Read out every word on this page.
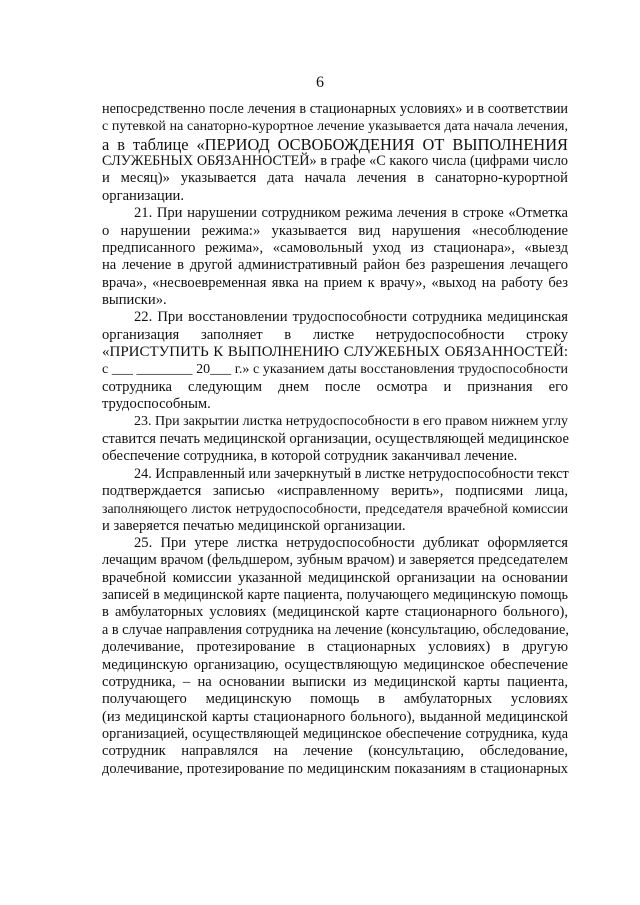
6
непосредственно после лечения в стационарных условиях» и в соответствии
с путевкой на санаторно-курортное лечение указывается дата начала лечения,
а в таблице «ПЕРИОД ОСВОБОЖДЕНИЯ ОТ ВЫПОЛНЕНИЯ
СЛУЖЕБНЫХ ОБЯЗАННОСТЕЙ» в графе «С какого числа (цифрами число
и месяц)» указывается дата начала лечения в санаторно-курортной
организации.
21. При нарушении сотрудником режима лечения в строке «Отметка
о нарушении режима:» указывается вид нарушения «несоблюдение
предписанного режима», «самовольный уход из стационара», «выезд
на лечение в другой административный район без разрешения лечащего
врача», «несвоевременная явка на прием к врачу», «выход на работу без
выписки».
22. При восстановлении трудоспособности сотрудника медицинская
организация заполняет в листке нетрудоспособности строку
«ПРИСТУПИТЬ К ВЫПОЛНЕНИЮ СЛУЖЕБНЫХ ОБЯЗАННОСТЕЙ:
с ___ ________ 20___ г.» с указанием даты восстановления трудоспособности
сотрудника следующим днем после осмотра и признания его
трудоспособным.
23. При закрытии листка нетрудоспособности в его правом нижнем углу
ставится печать медицинской организации, осуществляющей медицинское
обеспечение сотрудника, в которой сотрудник заканчивал лечение.
24. Исправленный или зачеркнутый в листке нетрудоспособности текст
подтверждается записью «исправленному верить», подписями лица,
заполняющего листок нетрудоспособности, председателя врачебной комиссии
и заверяется печатью медицинской организации.
25. При утере листка нетрудоспособности дубликат оформляется
лечащим врачом (фельдшером, зубным врачом) и заверяется председателем
врачебной комиссии указанной медицинской организации на основании
записей в медицинской карте пациента, получающего медицинскую помощь
в амбулаторных условиях (медицинской карте стационарного больного),
а в случае направления сотрудника на лечение (консультацию, обследование,
долечивание, протезирование в стационарных условиях) в другую
медицинскую организацию, осуществляющую медицинское обеспечение
сотрудника, – на основании выписки из медицинской карты пациента,
получающего медицинскую помощь в амбулаторных условиях
(из медицинской карты стационарного больного), выданной медицинской
организацией, осуществляющей медицинское обеспечение сотрудника, куда
сотрудник направлялся на лечение (консультацию, обследование,
долечивание, протезирование по медицинским показаниям в стационарных
